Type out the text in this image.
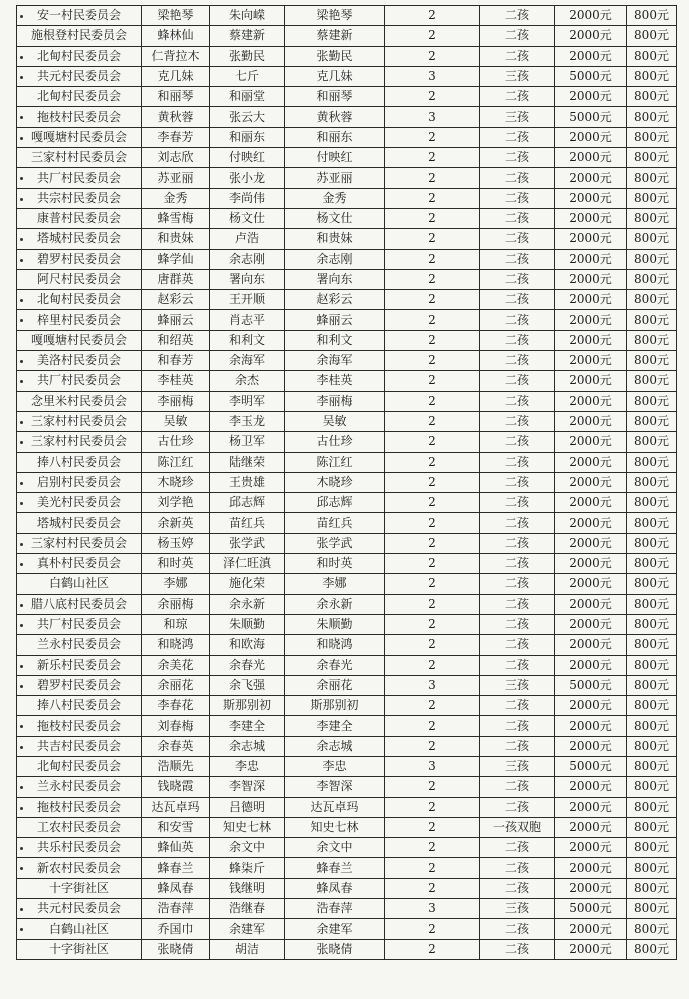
安一村民委员会	梁艳琴	朱向嵘	梁艳琴	2	二孩	2000元	800元
施根登村民委员会	蜂林仙	蔡建新	蔡建新	2	二孩	2000元	800元
北甸村民委员会	仁背拉木	张勤民	张勤民	2	二孩	2000元	800元
共元村民委员会	克几妹	七斤	克几妹	3	三孩	5000元	800元
北甸村民委员会	和丽琴	和丽堂	和丽琴	2	二孩	2000元	800元
拖枝村民委员会	黄秋蓉	张云大	黄秋蓉	3	三孩	5000元	800元
嘎嘎塘村民委员会	李春芳	和丽东	和丽东	2	二孩	2000元	800元
三家村村民委员会	刘志欣	付映红	付映红	2	二孩	2000元	800元
共厂村民委员会	苏亚丽	张小龙	苏亚丽	2	二孩	2000元	800元
共宗村民委员会	金秀	李尚伟	金秀	2	二孩	2000元	800元
康普村民委员会	蜂雪梅	杨文仕	杨文仕	2	二孩	2000元	800元
塔城村民委员会	和贵妹	卢浩	和贵妹	2	二孩	2000元	800元
碧罗村民委员会	蜂学仙	余志刚	余志刚	2	二孩	2000元	800元
阿尺村民委员会	唐群英	署向东	署向东	2	二孩	2000元	800元
北甸村民委员会	赵彩云	王开顺	赵彩云	2	二孩	2000元	800元
梓里村民委员会	蜂丽云	肖志平	蜂丽云	2	二孩	2000元	800元
嘎嘎塘村民委员会	和绍英	和利文	和利文	2	二孩	2000元	800元
美洛村民委员会	和春芳	余海军	余海军	2	二孩	2000元	800元
共厂村民委员会	李桂英	余杰	李桂英	2	二孩	2000元	800元
念里米村民委员会	李丽梅	李明军	李丽梅	2	二孩	2000元	800元
三家村村民委员会	吴敏	李玉龙	吴敏	2	二孩	2000元	800元
三家村村民委员会	古仕珍	杨卫军	古仕珍	2	二孩	2000元	800元
捧八村民委员会	陈江红	陆继荣	陈江红	2	二孩	2000元	800元
启别村民委员会	木晓珍	王贵雄	木晓珍	2	二孩	2000元	800元
美光村民委员会	刘学艳	邱志辉	邱志辉	2	二孩	2000元	800元
塔城村民委员会	余新英	苗红兵	苗红兵	2	二孩	2000元	800元
三家村村民委员会	杨玉婷	张学武	张学武	2	二孩	2000元	800元
真朴村民委员会	和时英	泽仁旺滇	和时英	2	二孩	2000元	800元
白鹤山社区	李娜	施化荣	李娜	2	二孩	2000元	800元
腊八底村民委员会	余丽梅	余永新	余永新	2	二孩	2000元	800元
共厂村民委员会	和琼	朱顺勤	朱顺勤	2	二孩	2000元	800元
兰永村民委员会	和晓鸿	和欧海	和晓鸿	2	二孩	2000元	800元
新乐村民委员会	余美花	余春光	余春光	2	二孩	2000元	800元
碧罗村民委员会	余丽花	余飞强	余丽花	3	三孩	5000元	800元
捧八村民委员会	李春花	斯那别初	斯那别初	2	二孩	2000元	800元
拖枝村民委员会	刘春梅	李建全	李建全	2	二孩	2000元	800元
共吉村民委员会	余春英	余志城	余志城	2	二孩	2000元	800元
北甸村民委员会	浩顺先	李忠	李忠	3	三孩	5000元	800元
兰永村民委员会	钱晓霞	李智深	李智深	2	二孩	2000元	800元
拖枝村民委员会	达瓦卓玛	吕德明	达瓦卓玛	2	二孩	2000元	800元
工农村民委员会	和安雪	知史七林	知史七林	2	一孩双胞	2000元	800元
共乐村民委员会	蜂仙英	余文中	余文中	2	二孩	2000元	800元
新农村民委员会	蜂春兰	蜂柒斤	蜂春兰	2	二孩	2000元	800元
十字街社区	蜂凤春	钱继明	蜂凤春	2	二孩	2000元	800元
共元村民委员会	浩春萍	浩继春	浩春萍	3	三孩	5000元	800元
白鹤山社区	乔国巾	余建军	余建军	2	二孩	2000元	800元
十字街社区	张晓倩	胡洁	张晓倩	2	二孩	2000元	800元
